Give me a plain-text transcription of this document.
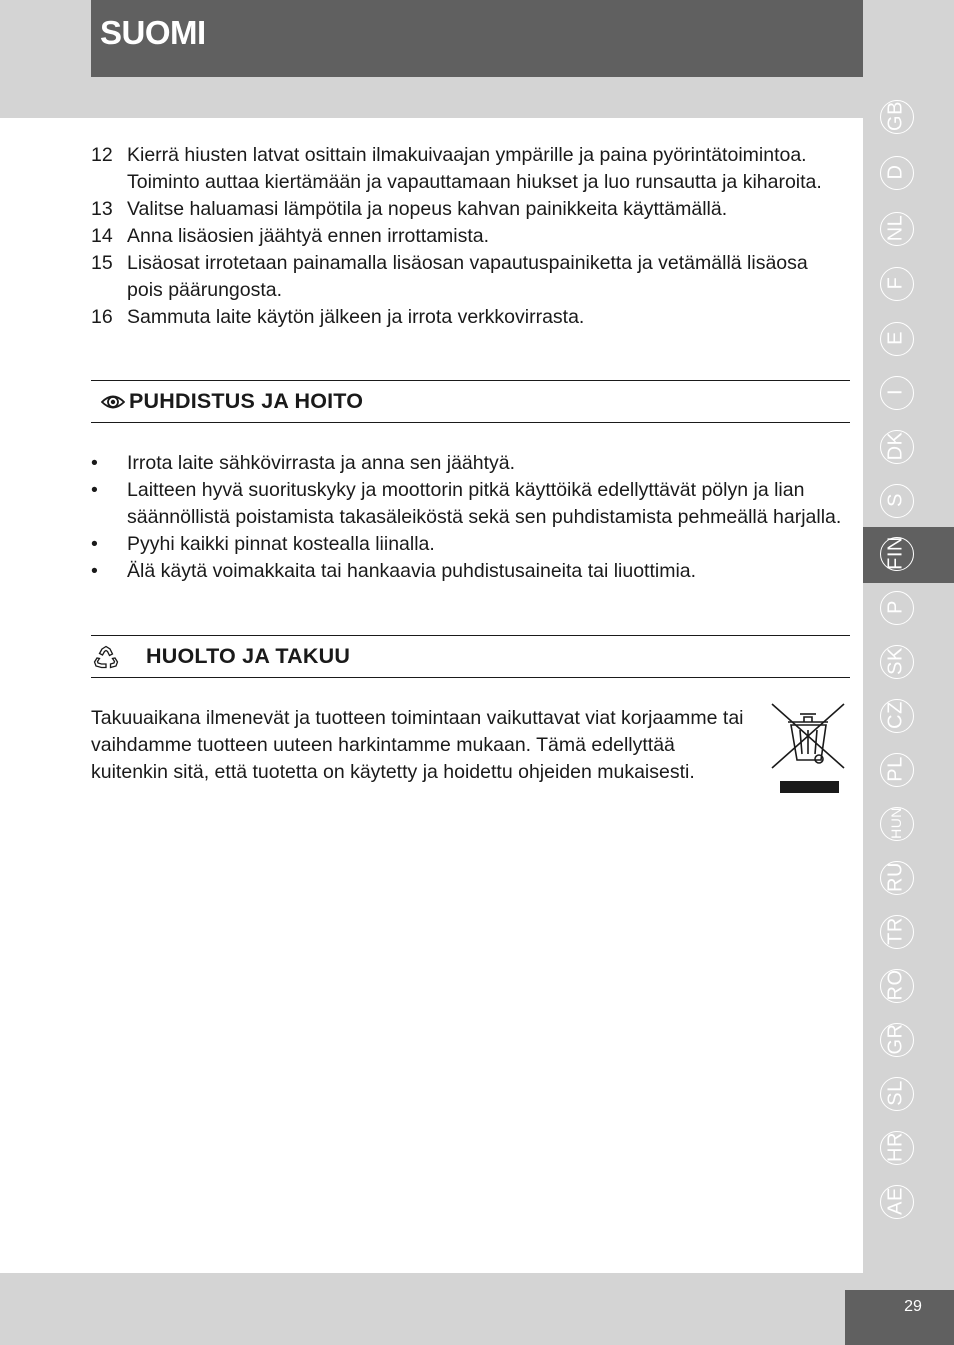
SUOMI
12 Kierrä hiusten latvat osittain ilmakuivaajan ympärille ja paina pyörintätoimintoa. Toiminto auttaa kiertämään ja vapauttamaan hiukset ja luo runsautta ja kiharoita.
13 Valitse haluamasi lämpötila ja nopeus kahvan painikkeita käyttämällä.
14 Anna lisäosien jäähtyä ennen irrottamista.
15 Lisäosat irrotetaan painamalla lisäosan vapautuspainiketta ja vetämällä lisäosa pois päärungosta.
16 Sammuta laite käytön jälkeen ja irrota verkkovirrasta.
PUHDISTUS JA HOITO
• Irrota laite sähkövirrasta ja anna sen jäähtyä.
• Laitteen hyvä suorituskyky ja moottorin pitkä käyttöikä edellyttävät pölyn ja lian säännöllistä poistamista takasäleiköstä sekä sen puhdistamista pehmeällä harjalla.
• Pyyhi kaikki pinnat kostealla liinalla.
• Älä käytä voimakkaita tai hankaavia puhdistusaineita tai liuottimia.
HUOLTO JA TAKUU

Takuuaikana ilmenevät ja tuotteen toimintaan vaikuttavat viat korjaamme tai vaihdamme tuotteen uuteen harkintamme mukaan. Tämä edellyttää kuitenkin sitä, että tuotetta on käytetty ja hoidettu ohjeiden mukaisesti.

GB
D
NL
F
E
I
DK
S
FIN
P
SK
CZ
PL
HUN
RU
TR
RO
GR
SL
HR
AE
29
